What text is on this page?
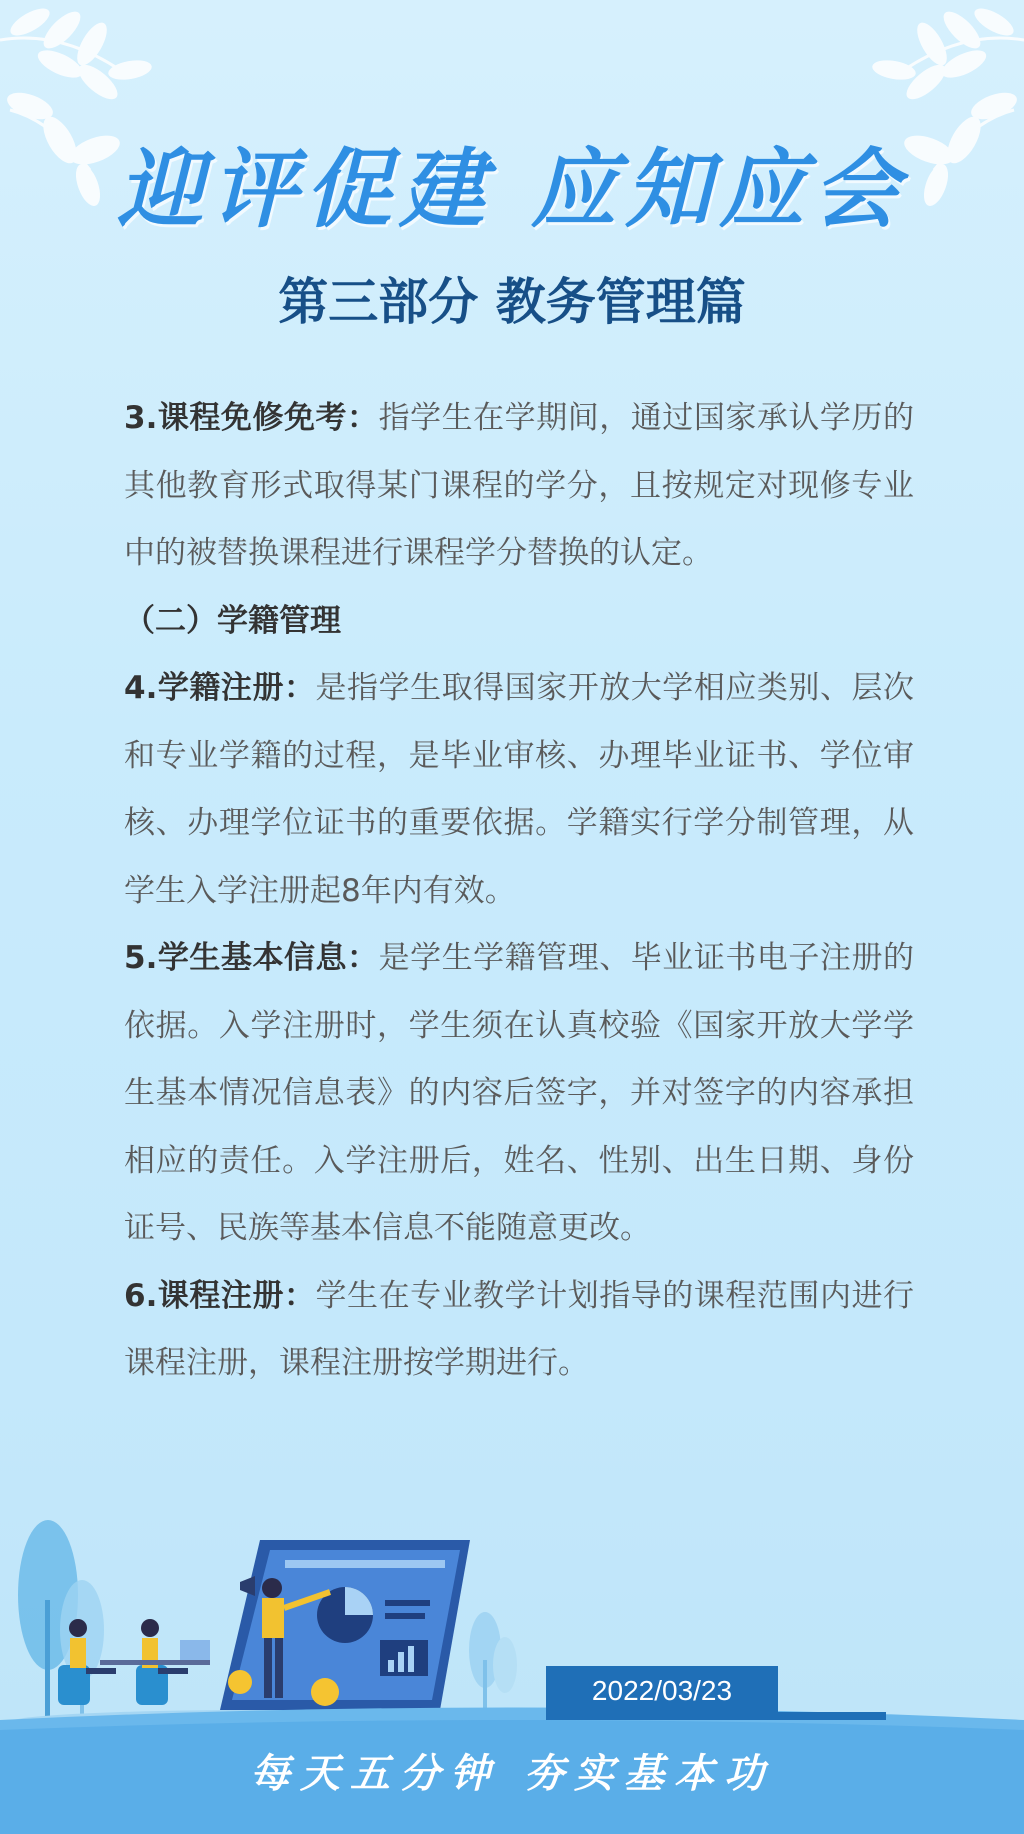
迎评促建 应知应会
第三部分 教务管理篇

3.课程免修免考：指学生在学期间，通过国家承认学历的其他教育形式取得某门课程的学分，且按规定对现修专业中的被替换课程进行课程学分替换的认定。

（二）学籍管理

4.学籍注册：是指学生取得国家开放大学相应类别、层次和专业学籍的过程，是毕业审核、办理毕业证书、学位审核、办理学位证书的重要依据。学籍实行学分制管理，从学生入学注册起8年内有效。

5.学生基本信息：是学生学籍管理、毕业证书电子注册的依据。入学注册时，学生须在认真校验《国家开放大学学生基本情况信息表》的内容后签字，并对签字的内容承担相应的责任。入学注册后，姓名、性别、出生日期、身份证号、民族等基本信息不能随意更改。

6.课程注册：学生在专业教学计划指导的课程范围内进行课程注册，课程注册按学期进行。

2022/03/23
每天五分钟 夯实基本功
